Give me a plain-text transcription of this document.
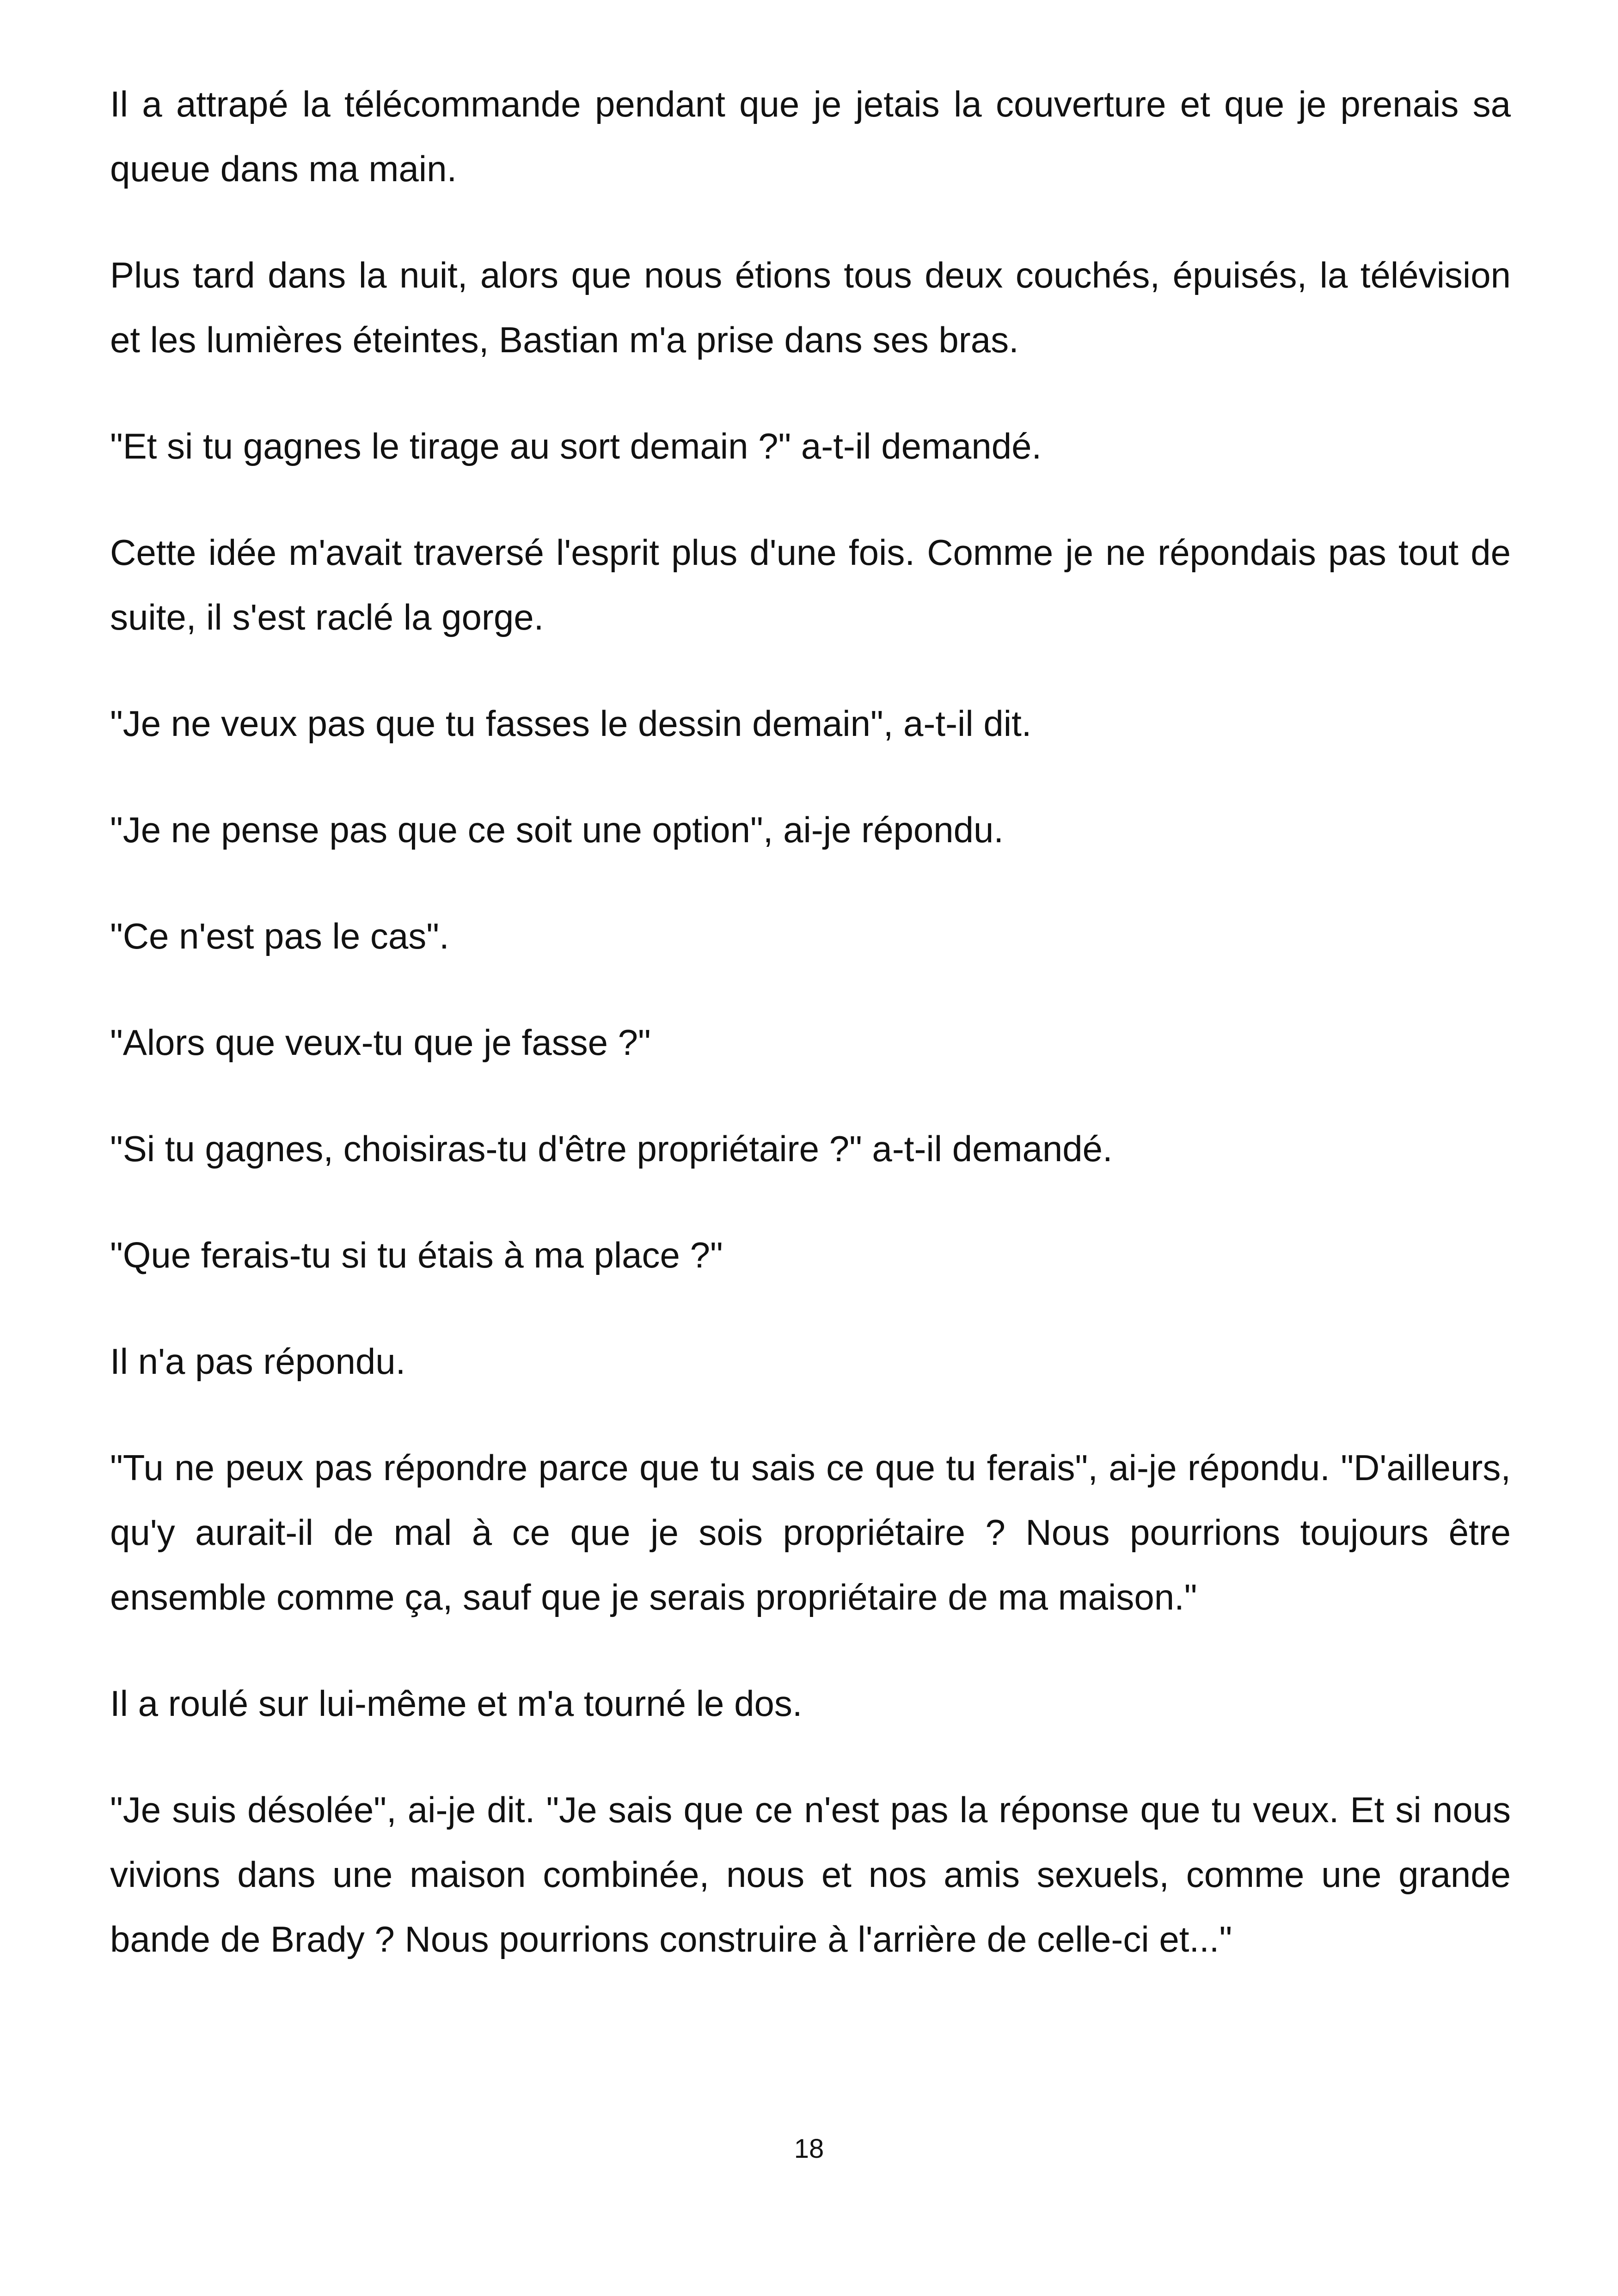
Il a attrapé la télécommande pendant que je jetais la couverture et que je prenais sa queue dans ma main.

Plus tard dans la nuit, alors que nous étions tous deux couchés, épuisés, la télévision et les lumières éteintes, Bastian m'a prise dans ses bras.

"Et si tu gagnes le tirage au sort demain ?" a-t-il demandé.

Cette idée m'avait traversé l'esprit plus d'une fois. Comme je ne répondais pas tout de suite, il s'est raclé la gorge.

"Je ne veux pas que tu fasses le dessin demain", a-t-il dit.

"Je ne pense pas que ce soit une option", ai-je répondu.

"Ce n'est pas le cas".

"Alors que veux-tu que je fasse ?"

"Si tu gagnes, choisiras-tu d'être propriétaire ?" a-t-il demandé.

"Que ferais-tu si tu étais à ma place ?"

Il n'a pas répondu.

"Tu ne peux pas répondre parce que tu sais ce que tu ferais", ai-je répondu. "D'ailleurs, qu'y aurait-il de mal à ce que je sois propriétaire ? Nous pourrions toujours être ensemble comme ça, sauf que je serais propriétaire de ma maison."

Il a roulé sur lui-même et m'a tourné le dos.

"Je suis désolée", ai-je dit. "Je sais que ce n'est pas la réponse que tu veux. Et si nous vivions dans une maison combinée, nous et nos amis sexuels, comme une grande bande de Brady ? Nous pourrions construire à l'arrière de celle-ci et..."

18
